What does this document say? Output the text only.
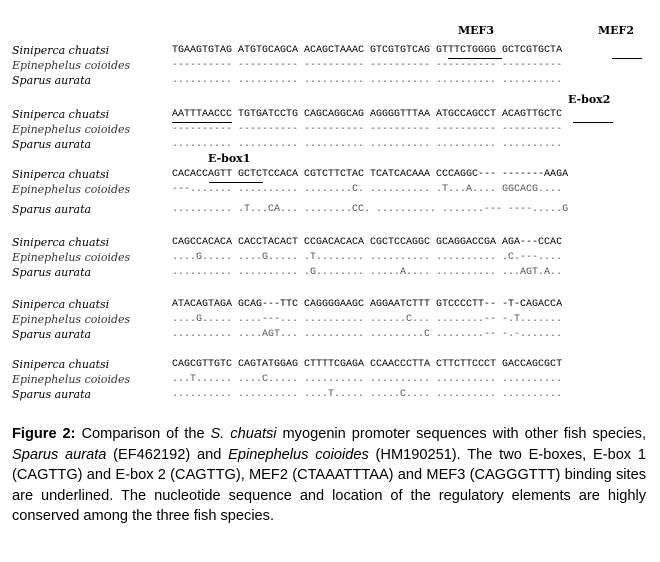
MEF3	MEF2
E-box2
E-box1
Siniperca chuatsi	TGAAGTGTAG ATGTGCAGCA ACAGCTAAAC GTCGTGTCAG GTTTCTGGGG GCTCGTGCTA
Epinephelus coioides	---------- ---------- ---------- ---------- ---------- ----------
Sparus aurata	.......... .......... .......... .......... .......... ..........
Siniperca chuatsi	AATTTAACCC TGTGATCCTG CAGCAGGCAG AGGGGTTTAA ATGCCAGCCT ACAGTTGCTC
Epinephelus coioides	---------- ---------- ---------- ---------- ---------- ----------
Sparus aurata	.......... .......... .......... .......... .......... ..........
Siniperca chuatsi	CACACCAGTT GCTCTCCACA CGTCTTCTAC TCATCACAAA CCCAGGC--- -------AAGA
Epinephelus coioides	---....... .......... ........C. .......... .T...A.... GGCACG....
Sparus aurata	.......... .T...CA... ........CC. .......... .......--- ----.....G
Siniperca chuatsi	CAGCCACACA CACCTACACT CCGACACACA CGCTCCAGGC GCAGGACCGA AGA---CCAC
Epinephelus coioides	....G..... ....G..... .T........ .......... .......... .C.---....
Sparus aurata	.......... .......... .G........ .....A.... .......... ...AGT.A..
Siniperca chuatsi	ATACAGTAGA GCAG---TTC CAGGGGAAGC AGGAATCTTT GTCCCCTT-- -T-CAGACCA
Epinephelus coioides	....G..... ....---... .......... ......C... ........-- -.T.......
Sparus aurata	.......... ....AGT... .......... .........C ........-- -.-.......
Siniperca chuatsi	CAGCGTTGTC CAGTATGGAG CTTTTCGAGA CCAACCCTTA CTTCTTCCCT GACCAGCGCT
Epinephelus coioides	...T...... ....C..... .......... .......... .......... ..........
Sparus aurata	.......... .......... ....T..... .....C.... .......... ..........
Figure 2: Comparison of the S. chuatsi myogenin promoter sequences with other fish species, Sparus aurata (EF462192) and Epinephelus coioides (HM190251). The two E-boxes, E-box 1 (CAGTTG) and E-box 2 (CAGTTG), MEF2 (CTAAATTTAA) and MEF3 (CAGGGTTT) binding sites are underlined. The nucleotide sequence and location of the regulatory elements are highly conserved among the three fish species.
